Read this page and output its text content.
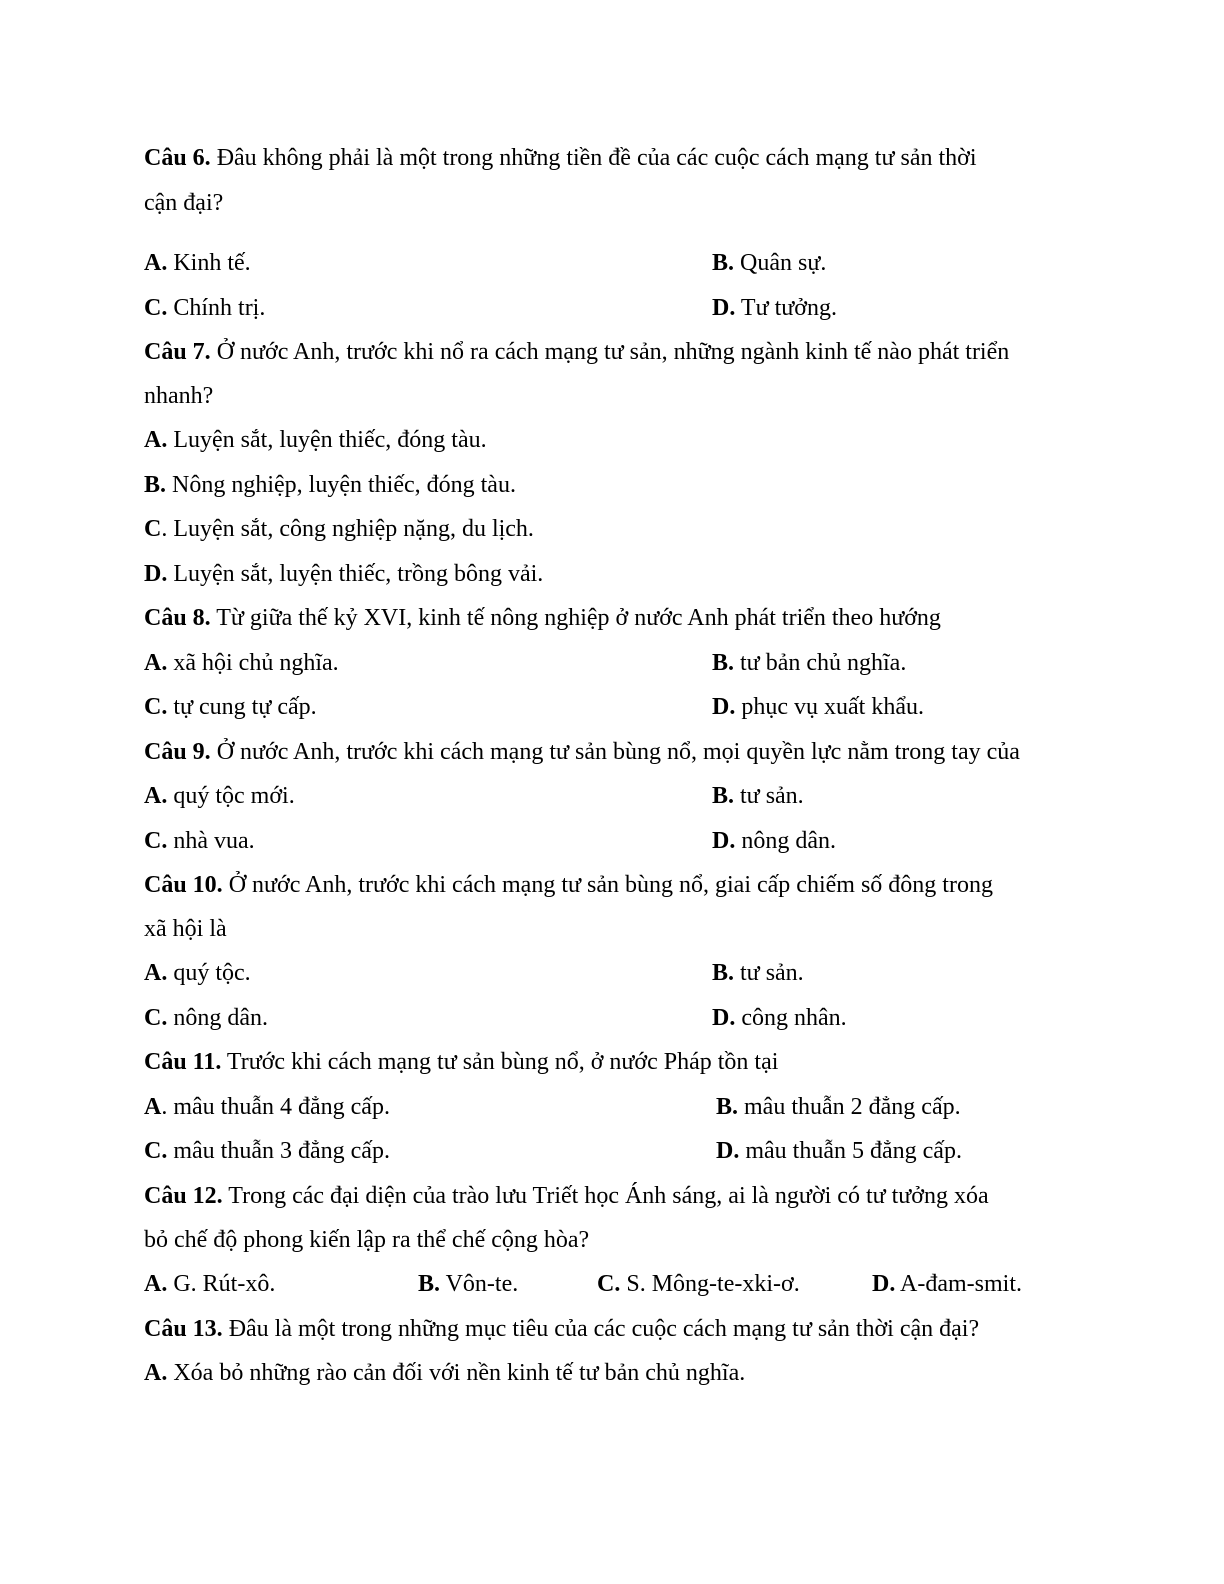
Câu 6. Đâu không phải là một trong những tiền đề của các cuộc cách mạng tư sản thời
cận đại?
A. Kinh tế.	B. Quân sự.
C. Chính trị.	D. Tư tưởng.
Câu 7. Ở nước Anh, trước khi nổ ra cách mạng tư sản, những ngành kinh tế nào phát triển
nhanh?
A. Luyện sắt, luyện thiếc, đóng tàu.
B. Nông nghiệp, luyện thiếc, đóng tàu.
C. Luyện sắt, công nghiệp nặng, du lịch.
D. Luyện sắt, luyện thiếc, trồng bông vải.
Câu 8. Từ giữa thế kỷ XVI, kinh tế nông nghiệp ở nước Anh phát triển theo hướng
A. xã hội chủ nghĩa.	B. tư bản chủ nghĩa.
C. tự cung tự cấp.	D. phục vụ xuất khẩu.
Câu 9. Ở nước Anh, trước khi cách mạng tư sản bùng nổ, mọi quyền lực nằm trong tay của
A. quý tộc mới.	B. tư sản.
C. nhà vua.	D. nông dân.
Câu 10. Ở nước Anh, trước khi cách mạng tư sản bùng nổ, giai cấp chiếm số đông trong
xã hội là
A. quý tộc.	B. tư sản.
C. nông dân.	D. công nhân.
Câu 11. Trước khi cách mạng tư sản bùng nổ, ở nước Pháp tồn tại
A. mâu thuẫn 4 đẳng cấp.	B. mâu thuẫn 2 đẳng cấp.
C. mâu thuẫn 3 đẳng cấp.	D. mâu thuẫn 5 đẳng cấp.
Câu 12. Trong các đại diện của trào lưu Triết học Ánh sáng, ai là người có tư tưởng xóa
bỏ chế độ phong kiến lập ra thể chế cộng hòa?
A. G. Rút-xô.	B. Vôn-te.	C. S. Mông-te-xki-ơ.	D. A-đam-smit.
Câu 13. Đâu là một trong những mục tiêu của các cuộc cách mạng tư sản thời cận đại?
A. Xóa bỏ những rào cản đối với nền kinh tế tư bản chủ nghĩa.
